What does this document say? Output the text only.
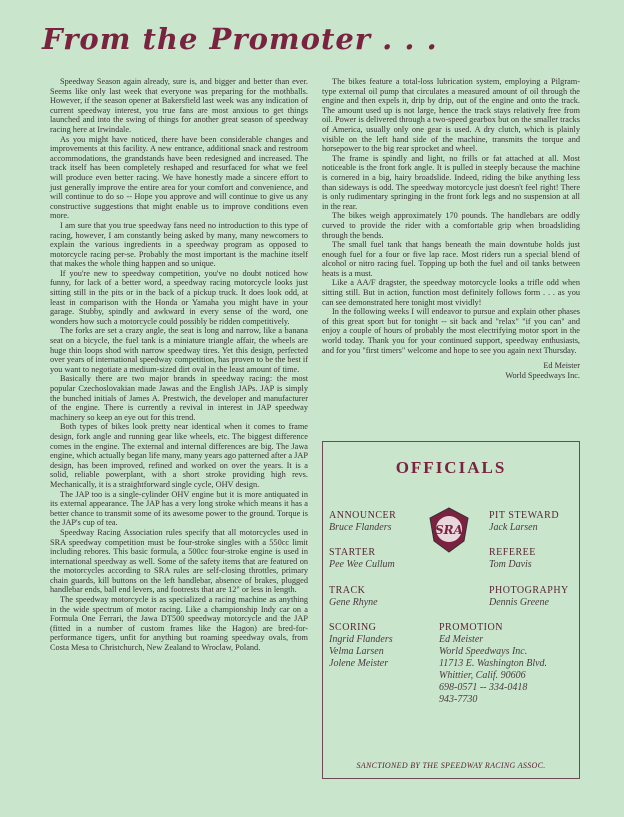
From the Promoter . . .

Speedway Season again already, sure is, and bigger and better than ever. Seems like only last week that everyone was preparing for the mothballs. However, if the season opener at Bakersfield last week was any indication of current speedway interest, you true fans are most anxious to get things launched and into the swing of things for another great season of speedway racing here at Irwindale.

As you might have noticed, there have been considerable changes and improvements at this facility. A new entrance, additional snack and restroom accommodations, the grandstands have been redesigned and increased. The track itself has been completely reshaped and resurfaced for what we feel will produce even better racing. We have honestly made a sincere effort to just generally improve the entire area for your comfort and convenience, and will continue to do so -- Hope you approve and will continue to give us any constructive suggestions that might enable us to improve conditions even more.

I am sure that you true speedway fans need no introduction to this type of racing, however, I am constantly being asked by many, many newcomers to explain the various ingredients in a speedway program as opposed to motorcycle racing per-se. Probably the most important is the machine itself that makes the whole thing happen and so unique.

If you're new to speedway competition, you've no doubt noticed how funny, for lack of a better word, a speedway racing motorcycle looks just sitting still in the pits or in the back of a pickup truck. It does look odd, at least in comparison with the Honda or Yamaha you might have in your garage. Stubby, spindly and awkward in every sense of the word, one wonders how such a motorcycle could possibly be ridden competitively.

The forks are set a crazy angle, the seat is long and narrow, like a banana seat on a bicycle, the fuel tank is a miniature triangle affair, the wheels are huge thin loops shod with narrow speedway tires. Yet this design, perfected over years of international speedway competition, has proven to be the best if you want to negotiate a medium-sized dirt oval in the least amount of time.

Basically there are two major brands in speedway racing: the most popular Czechoslovakian made Jawas and the English JAPs. JAP is simply the bunched initials of James A. Prestwich, the developer and manufacturer of the engine. There is currently a revival in interest in JAP speedway machinery so keep an eye out for this trend.

Both types of bikes look pretty near identical when it comes to frame design, fork angle and running gear like wheels, etc. The biggest difference comes in the engine. The external and internal differences are big. The Jawa engine, which actually began life many, many years ago patterned after a JAP design, has been improved, refined and worked on over the years. It is a solid, reliable powerplant, with a short stroke providing high revs. Mechanically, it is a straightforward single cycle, OHV design.

The JAP too is a single-cylinder OHV engine but it is more antiquated in its external appearance. The JAP has a very long stroke which means it has a better chance to transmit some of its awesome power to the ground. Torque is the JAP's cup of tea.

Speedway Racing Association rules specify that all motorcycles used in SRA speedway competition must be four-stroke singles with a 550cc limit including rebores. This basic formula, a 500cc four-stroke engine is used in international speedway as well. Some of the safety items that are featured on the motorcycles according to SRA rules are self-closing throttles, primary chain guards, kill buttons on the left handlebar, absence of brakes, plugged handlebar ends, ball end levers, and footrests that are 12" or less in length.

The speedway motorcycle is as specialized a racing machine as anything in the wide spectrum of motor racing. Like a championship Indy car on a Formula One Ferrari, the Jawa DT500 speedway motorcycle and the JAP (fitted in a number of custom frames like the Hagon) are bred-for-performance tigers, unfit for anything but roaming speedway ovals, from Costa Mesa to Christchurch, New Zealand to Wroclaw, Poland.

The bikes feature a total-loss lubrication system, employing a Pilgram-type external oil pump that circulates a measured amount of oil through the engine and then expels it, drip by drip, out of the engine and onto the track. The amount used up is not large, hence the track stays relatively free from oil. Power is delivered through a two-speed gearbox but on the smaller tracks of America, usually only one gear is used. A dry clutch, which is plainly visible on the left hand side of the machine, transmits the torque and horsepower to the big rear sprocket and wheel.

The frame is spindly and light, no frills or fat attached at all. Most noticeable is the front fork angle. It is pulled in steeply because the machine is cornered in a big, hairy broadslide. Indeed, riding the bike anything less than sideways is odd. The speedway motorcycle just doesn't feel right! There is only rudimentary springing in the front fork legs and no suspension at all in the rear.

The bikes weigh approximately 170 pounds. The handlebars are oddly curved to provide the rider with a comfortable grip when broadsliding through the bends.

The small fuel tank that hangs beneath the main downtube holds just enough fuel for a four or five lap race. Most riders run a special blend of alcohol or nitro racing fuel. Topping up both the fuel and oil tanks between heats is a must.

Like a AA/F dragster, the speedway motorcycle looks a trifle odd when sitting still. But in action, function most definitely follows form . . . as you can see demonstrated here tonight most vividly!

In the following weeks I will endeavor to pursue and explain other phases of this great sport but for tonight -- sit back and "relax" "if you can" and enjoy a couple of hours of probably the most electrifying motor sport in the world today. Thank you for your continued support, speedway enthusiasts, and for you "first timers" welcome and hope to see you again next Thursday.

Ed Meister

World Speedways Inc.

OFFICIALS
SRA
ANNOUNCER
Bruce Flanders
PIT STEWARD
Jack Larsen
STARTER
Pee Wee Cullum
REFEREE
Tom Davis
TRACK
Gene Rhyne
PHOTOGRAPHY
Dennis Greene
SCORING
Ingrid Flanders
Velma Larsen
Jolene Meister
PROMOTION
Ed Meister
World Speedways Inc.
11713 E. Washington Blvd.
Whittier, Calif. 90606
698-0571 -- 334-0418
943-7730
SANCTIONED BY THE SPEEDWAY RACING ASSOC.
